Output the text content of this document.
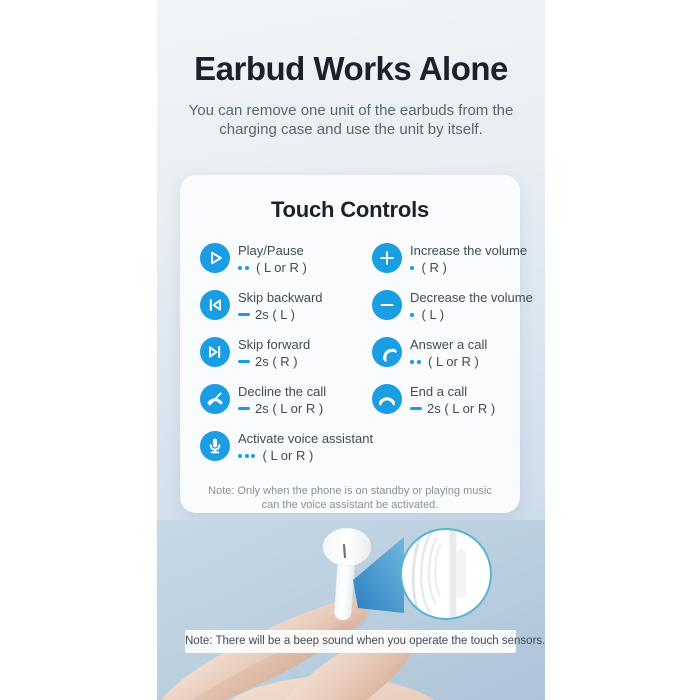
Earbud Works Alone

You can remove one unit of the earbuds from the charging case and use the unit by itself.

Touch Controls
Play/Pause
( L or R )
Skip backward
2s ( L )
Skip forward
2s ( R )
Decline the call
2s ( L or R )
Activate voice assistant
( L or R )
Increase the volume
( R )
Decrease the volume
( L )
Answer a call
( L or R )
End a call
2s ( L or R )

Note: Only when the phone is on standby or playing music can the voice assistant be activated.

Note: There will be a beep sound when you operate the touch sensors.
